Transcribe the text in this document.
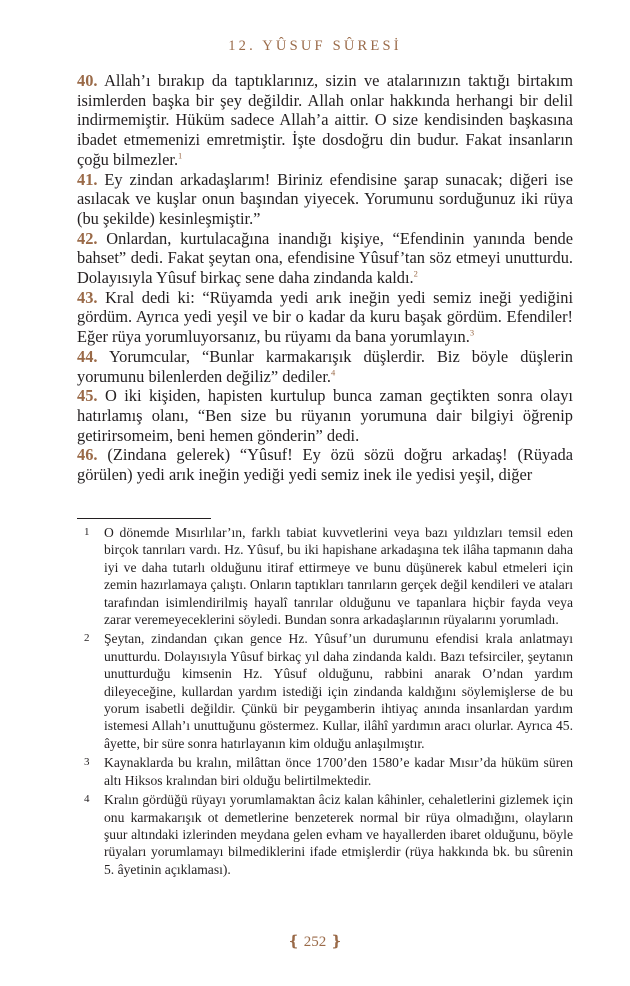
12. YÛSUF SÛRESİ

40. Allah’ı bırakıp da taptıklarınız, sizin ve atalarınızın taktığı birtakım isimlerden başka bir şey değildir. Allah onlar hakkında herhangi bir delil indirmemiştir. Hüküm sadece Allah’a aittir. O size kendisinden başkasına ibadet etmemenizi emretmiştir. İşte dosdoğru din budur. Fakat insanların çoğu bilmezler.$^1$

41. Ey zindan arkadaşlarım! Biriniz efendisine şarap sunacak; diğeri ise asılacak ve kuşlar onun başından yiyecek. Yorumunu sorduğunuz iki rüya (bu şekilde) kesinleşmiştir.”

42. Onlardan, kurtulacağına inandığı kişiye, “Efendinin yanında bende bahset” dedi. Fakat şeytan ona, efendisine Yûsuf’tan söz etmeyi unutturdu. Dolayısıyla Yûsuf birkaç sene daha zindanda kaldı.$^2$

43. Kral dedi ki: “Rüyamda yedi arık ineğin yedi semiz ineği yediğini gördüm. Ayrıca yedi yeşil ve bir o kadar da kuru başak gördüm. Efendiler! Eğer rüya yorumluyorsanız, bu rüyamı da bana yorumlayın.$^3$

44. Yorumcular, “Bunlar karmakarışık düşlerdir. Biz böyle düşlerin yorumunu bilenlerden değiliz” dediler.$^4$

45. O iki kişiden, hapisten kurtulup bunca zaman geçtikten sonra olayı hatırlamış olanı, “Ben size bu rüyanın yorumuna dair bilgiyi öğrenip getirirsomeim, beni hemen gönderin” dedi.

46. (Zindana gelerek) “Yûsuf! Ey özü sözü doğru arkadaş! (Rüyada görülen) yedi arık ineğin yediği yedi semiz inek ile yedisi yeşil, diğer

1	O dönemde Mısırlılar’ın, farklı tabiat kuvvetlerini veya bazı yıldızları temsil eden birçok tanrıları vardı. Hz. Yûsuf, bu iki hapishane arkadaşına tek ilâha tapmanın daha iyi ve daha tutarlı olduğunu itiraf ettirmeye ve bunu düşünerek kabul etmeleri için zemin hazırlamaya çalıştı. Onların taptıkları tanrıların gerçek değil kendileri ve ataları tarafından isimlendirilmiş hayalî tanrılar olduğunu ve tapanlara hiçbir fayda veya zarar veremeyeceklerini söyledi. Bundan sonra arkadaşlarının rüyalarını yorumladı.
2	Şeytan, zindandan çıkan gence Hz. Yûsuf’un durumunu efendisi krala anlatmayı unutturdu. Dolayısıyla Yûsuf birkaç yıl daha zindanda kaldı. Bazı tefsirciler, şeytanın unutturduğu kimsenin Hz. Yûsuf olduğunu, rabbini anarak O’ndan yardım dileyeceğine, kullardan yardım istediği için zindanda kaldığını söylemişlerse de bu yorum isabetli değildir. Çünkü bir peygamberin ihtiyaç anında insanlardan yardım istemesi Allah’ı unuttuğunu göstermez. Kullar, ilâhî yardımın aracı olurlar. Ayrıca 45. âyette, bir süre sonra hatırlayanın kim olduğu anlaşılmıştır.
3	Kaynaklarda bu kralın, milâttan önce 1700’den 1580’e kadar Mısır’da hüküm süren altı Hiksos kralından biri olduğu belirtilmektedir.
4	Kralın gördüğü rüyayı yorumlamaktan âciz kalan kâhinler, cehaletlerini gizlemek için onu karmakarışık ot demetlerine benzeterek normal bir rüya olmadığını, olayların şuur altındaki izlerinden meydana gelen evham ve hayallerden ibaret olduğunu, böyle rüyaları yorumlamayı bilmediklerini ifade etmişlerdir (rüya hakkında bk. bu sûrenin 5. âyetinin açıklaması).
❴ 252 ❵
